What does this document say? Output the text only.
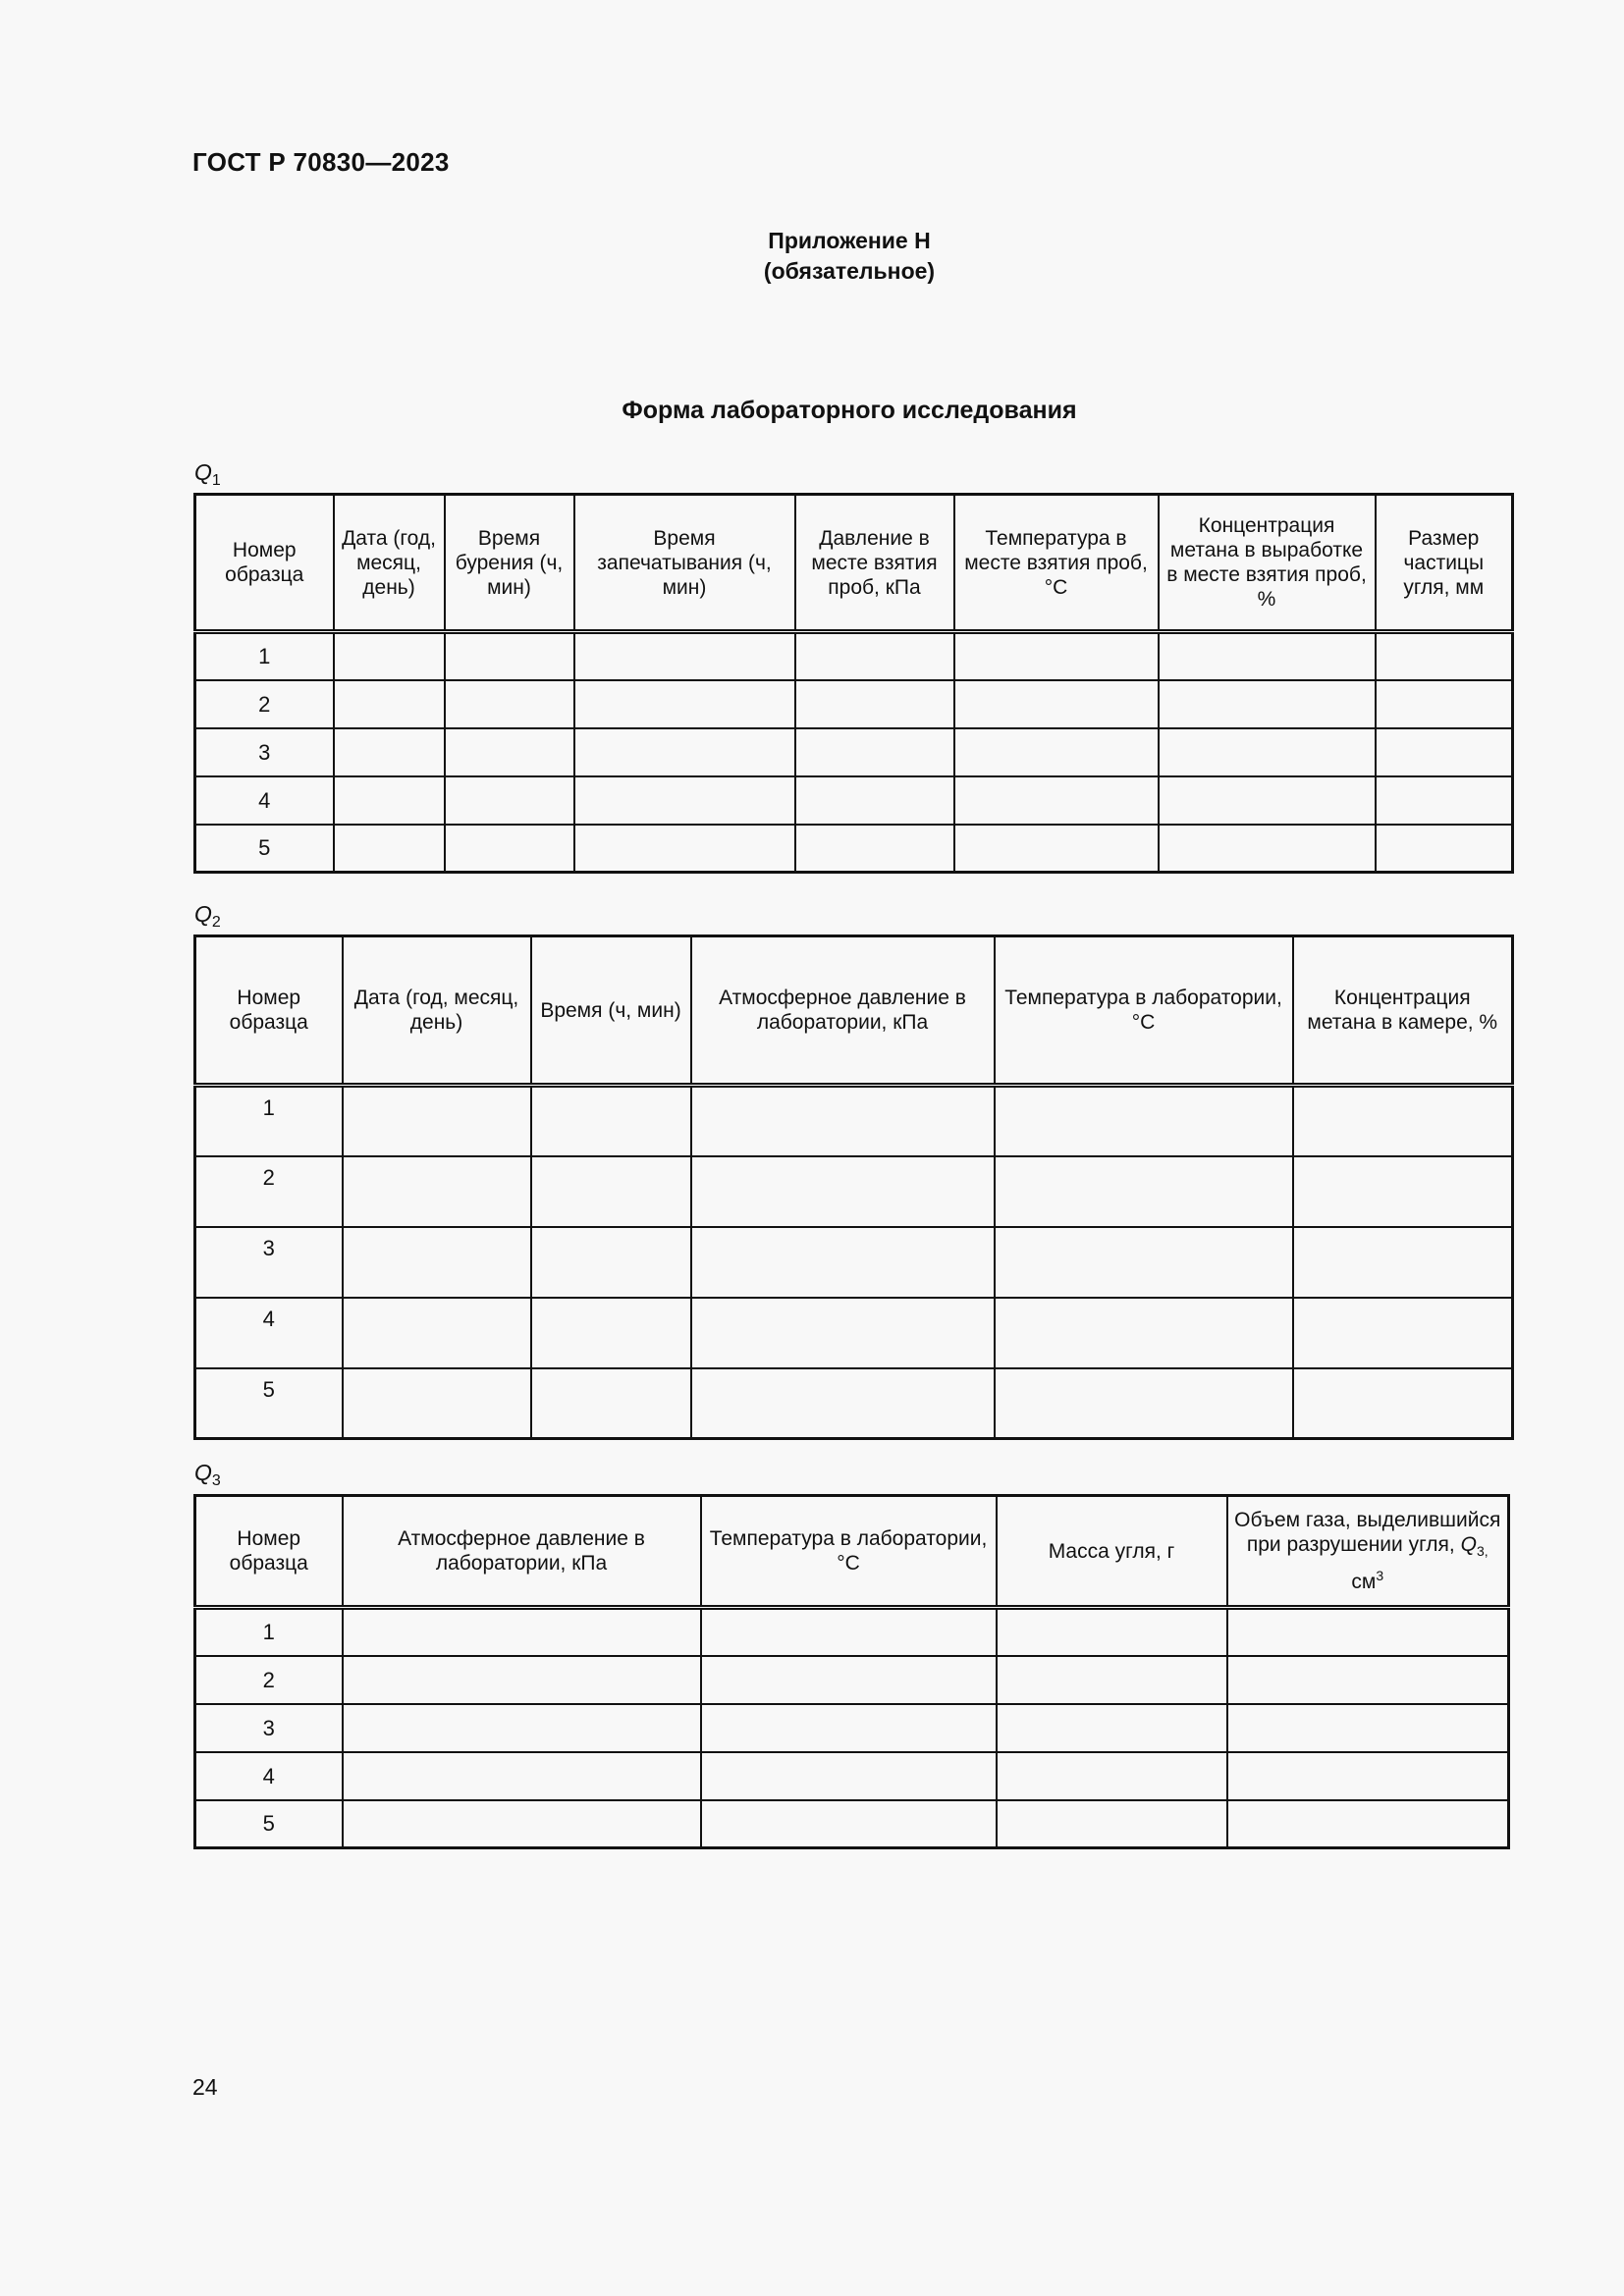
ГОСТ Р 70830—2023
Приложение Н
(обязательное)
Форма лабораторного исследования
$Q_1$
Номер образца	Дата (год, месяц, день)	Время бурения (ч, мин)	Время запечатывания (ч, мин)	Давление в месте взятия проб, кПа	Температура в месте взятия проб, °С	Концентрация метана в выработке в месте взятия проб, %	Размер частицы угля, мм
1							
2							
3							
4							
5							
$Q_2$
Номер образца	Дата (год, месяц, день)	Время (ч, мин)	Атмосферное давление в лаборатории, кПа	Температура в лаборатории, °С	Концентрация метана в камере, %
1					
2					
3					
4					
5					
$Q_3$
Номер образца	Атмосферное давление в лаборатории, кПа	Температура в лаборатории, °С	Масса угля, г	Объем газа, выделившийся при разрушении угля, $Q_{3,}$ $см^3$
1				
2				
3				
4				
5				
24
